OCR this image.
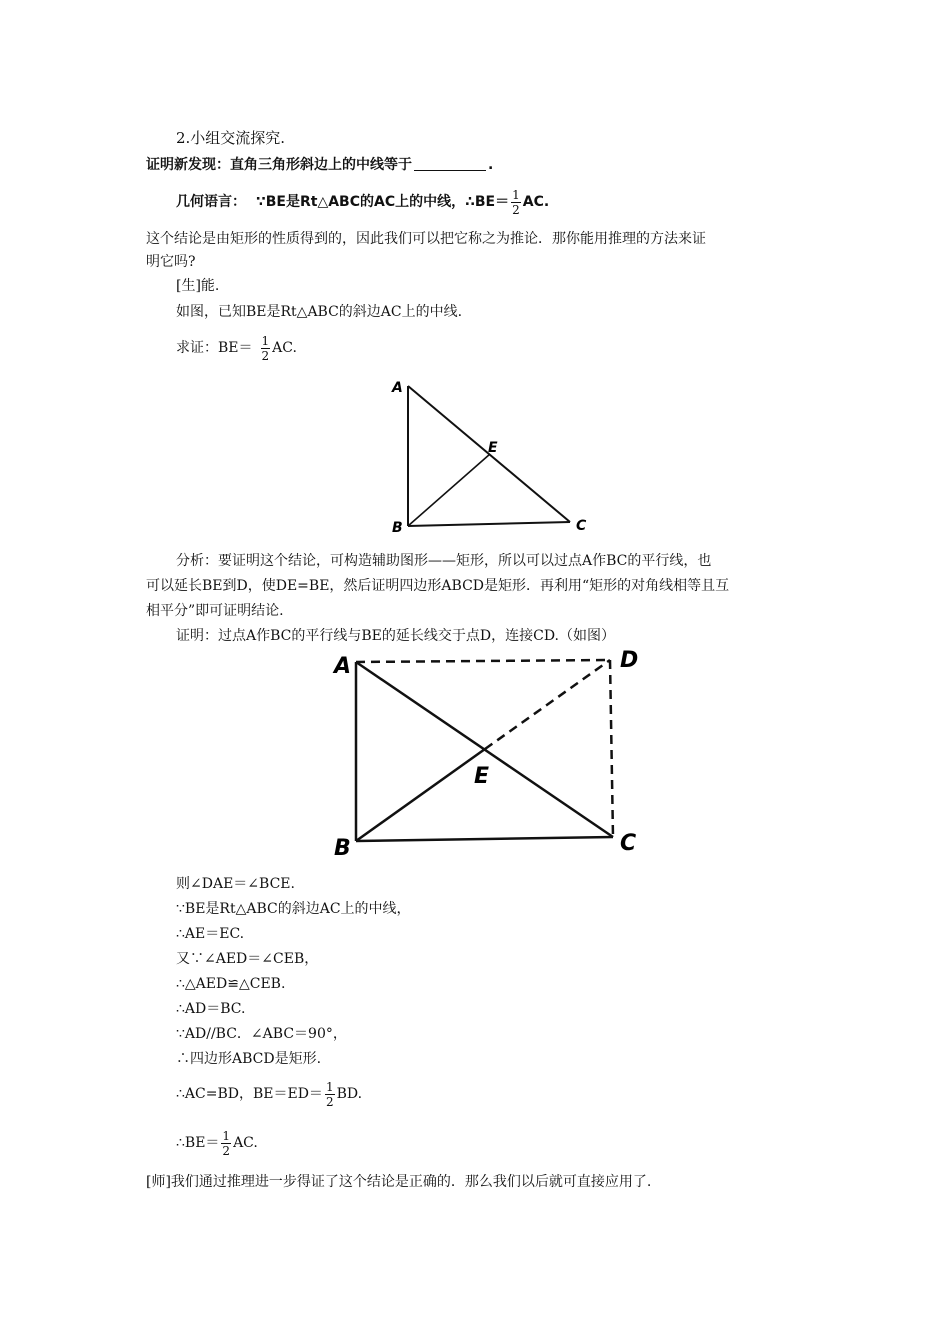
2.小组交流探究.
证明新发现：直角三角形斜边上的中线等于	.
几何语言： ∵BE是Rt△ABC的AC上的中线，∴BE＝ $\frac{1}{2}$ AC.
这个结论是由矩形的性质得到的，因此我们可以把它称之为推论．那你能用推理的方法来证
明它吗?
[生]能.
如图，已知BE是Rt△ABC的斜边AC上的中线.
求证：$BE= \frac{1}{2}$ AC.
A
B	C
E
分析：要证明这个结论，可构造辅助图形——矩形，所以可以过点A作BC的平行线，也
可以延长BE到D，使DE=BE，然后证明四边形ABCD是矩形．再利用“矩形的对角线相等且互
相平分”即可证明结论.
证明：过点A作BC的平行线与BE的延长线交于点D，连接CD.（如图）
A
B	C
D
E
则∠DAE＝∠BCE.
∵BE是Rt△ABC的斜边AC上的中线，
∴AE＝EC.
又∵∠AED＝∠CEB，
∴△AED≌△CEB.
∴AD＝BC.
∵AD//BC．∠ABC＝90°，
∴四边形ABCD是矩形.
∴AC=BD，$BE=ED= \frac{1}{2}$ BD.
∴BE＝ $\frac{1}{2}$ AC.
[师]我们通过推理进一步得证了这个结论是正确的．那么我们以后就可直接应用了.
